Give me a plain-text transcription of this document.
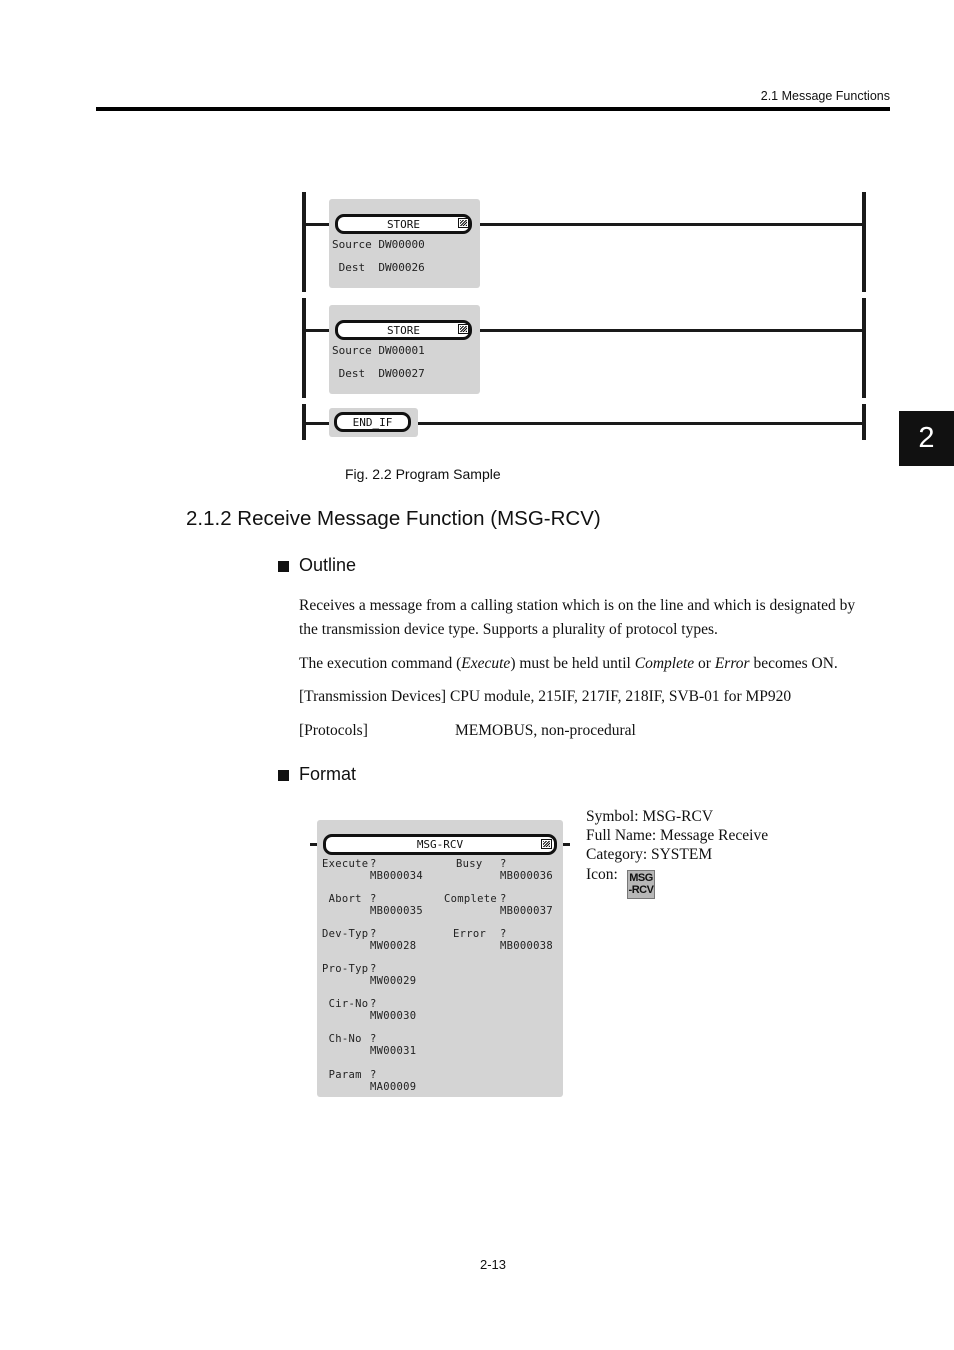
2.1 Message Functions
2
STORE
Source DW00000
Dest  DW00026
STORE
Source DW00001
Dest  DW00027
END_IF
Fig. 2.2 Program Sample
2.1.2 Receive Message Function (MSG-RCV)
Outline
Receives a message from a calling station which is on the line and which is designated by
the transmission device type. Supports a plurality of protocol types.
The execution command (Execute) must be held until Complete or Error becomes ON.
[Transmission Devices] CPU module, 215IF, 217IF, 218IF, SVB-01 for MP920
[Protocols]	MEMOBUS, non-procedural
Format
MSG-RCV
Execute ?
MB000034
Abort ?
MB000035
Dev-Typ ?
MW00028
Pro-Typ ?
MW00029
Cir-No ?
MW00030
Ch-No ?
MW00031
Param ?
MA00009
Busy ?
MB000036
Complete ?
MB000037
Error ?
MB000038
Symbol: MSG-RCV
Full Name: Message Receive
Category: SYSTEM
Icon: MSG
-RCV
2-13
